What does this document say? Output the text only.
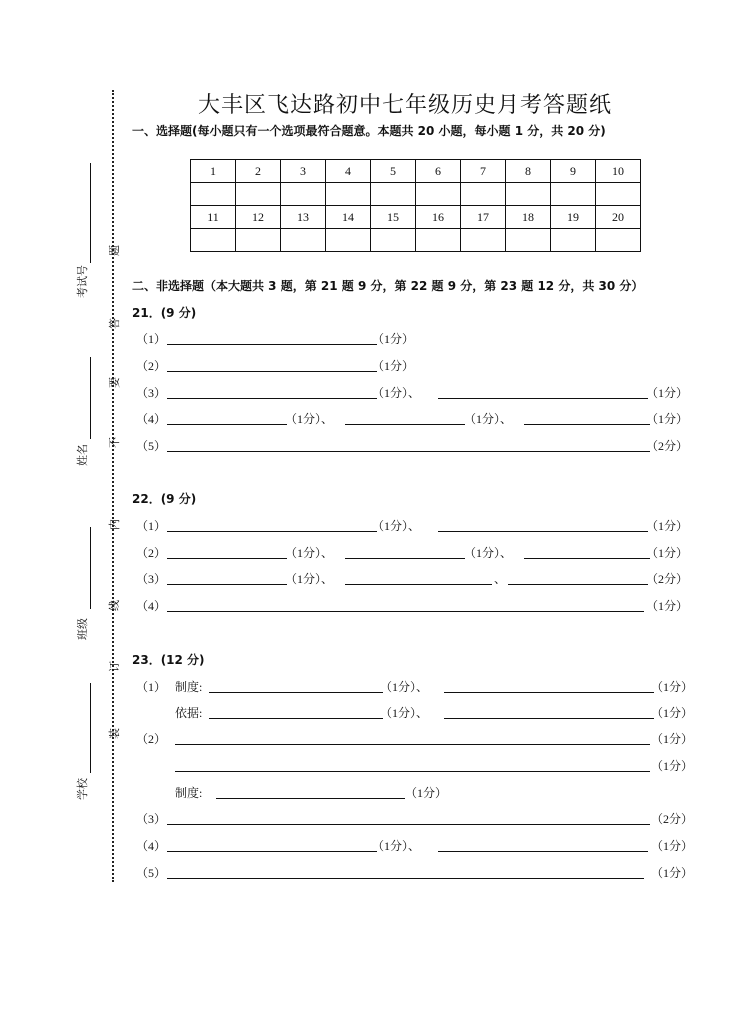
大丰区飞达路初中七年级历史月考答题纸
一、选择题(每小题只有一个选项最符合题意。本题共 20 小题，每小题 1 分，共 20 分)
1	2	3	4	5	6	7	8	9	10

11	12	13	14	15	16	17	18	19	20

二、非选择题（本大题共 3 题，第 21 题 9 分，第 22 题 9 分，第 23 题 12 分，共 30 分）
考试号
姓名
班级
学校
答
题
不
要
内
线
订
装
21．(9 分)
（1）	（1分）
（2）	（1分）
（3）	（1分）、	（1分）
（4）	（1分）、	（1分）、	（1分）
（5）	（2分）
22．(9 分)
（1）	（1分）、	（1分）
（2）	（1分）、	（1分）、	（1分）
（3）	（1分）、	、	（2分）
（4）	（1分）
23．(12 分)
（1） 制度:	（1分）、	（1分）
依据:	（1分）、	（1分）
（2）	（1分）
（1分）
制度:	（1分）
（3）	（2分）
（4）	（1分）、	（1分）
（5）	（1分）
